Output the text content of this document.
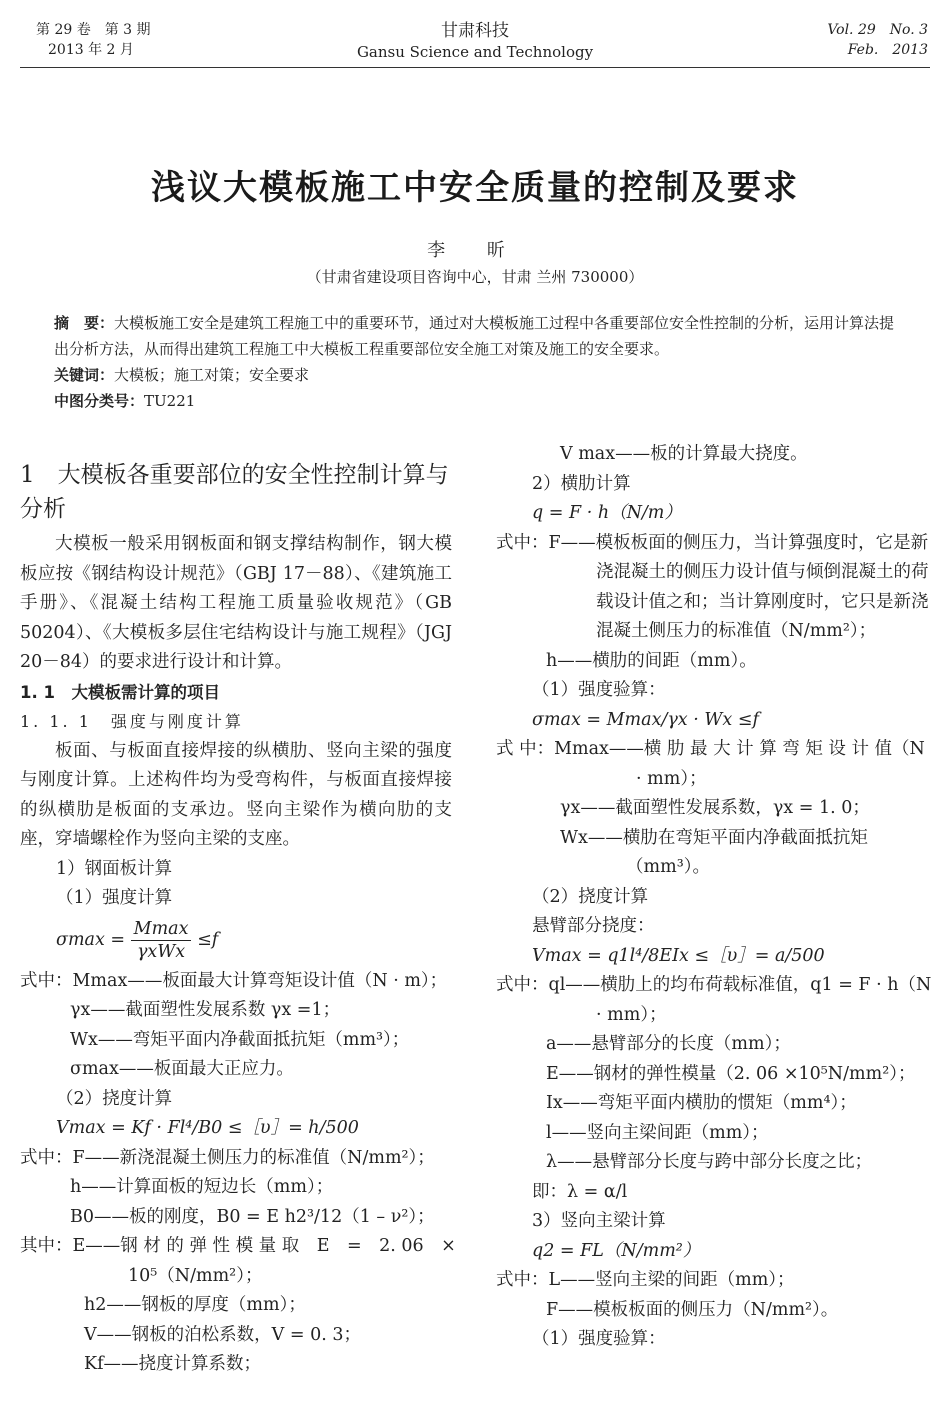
第 29 卷　第 3 期
2013 年 2 月
甘肃科技
Gansu Science and Technology
Vol. 29　No. 3
Feb.　2013
浅议大模板施工中安全质量的控制及要求
李 昕
（甘肃省建设项目咨询中心，甘肃 兰州 730000）
摘　要：大模板施工安全是建筑工程施工中的重要环节，通过对大模板施工过程中各重要部位安全性控制的分析，运用计算法提出分析方法，从而得出建筑工程施工中大模板工程重要部位安全施工对策及施工的安全要求。
关键词：大模板；施工对策；安全要求
中图分类号：TU221
1　大模板各重要部位的安全性控制计算与分析
大模板一般采用钢板面和钢支撑结构制作，钢大模板应按《钢结构设计规范》（GBJ 17－88）、《建筑施工手册》、《混凝土结构工程施工质量验收规范》（GB 50204）、《大模板多层住宅结构设计与施工规程》（JGJ 20－84）的要求进行设计和计算。
1. 1　大模板需计算的项目
1. 1. 1　强度与刚度计算
板面、与板面直接焊接的纵横肋、竖向主梁的强度与刚度计算。上述构件均为受弯构件，与板面直接焊接的纵横肋是板面的支承边。竖向主梁作为横向肋的支座，穿墙螺栓作为竖向主梁的支座。
1）钢面板计算
（1）强度计算
$\sigma\max = \frac{Mmax}{\text{γxWx}} \le f$
式中：Mmax——板面最大计算弯矩设计值（N · m）；
γx——截面塑性发展系数 γx =1；
Wx——弯矩平面内净截面抵抗矩（mm³）；
σmax——板面最大正应力。
（2）挠度计算
Vmax = Kf · Fl⁴/B0 ≤［υ］= h/500
式中：F——新浇混凝土侧压力的标准值（N/mm²）；
h——计算面板的短边长（mm）；
B0——板的刚度，B0 = E h2³/12（1 – ν²）；
其中：E——钢 材 的 弹 性 模 量 取　E　=　2. 06　×
10⁵（N/mm²）；
h2——钢板的厚度（mm）；
V——钢板的泊松系数，V = 0. 3；
Kf——挠度计算系数；
V max——板的计算最大挠度。
2）横肋计算
q = F · h（N/m）
式中：F——模板板面的侧压力，当计算强度时，它是新浇混凝土的侧压力设计值与倾倒混凝土的荷载设计值之和；当计算刚度时，它只是新浇混凝土侧压力的标准值（N/mm²）；
h——横肋的间距（mm）。
（1）强度验算：
σmax = Mmax/γx · Wx ≤f
式 中：Mmax——横 肋 最 大 计 算 弯 矩 设 计 值（N · mm）；
γx——截面塑性发展系数，γx = 1. 0；
Wx——横肋在弯矩平面内净截面抵抗矩（mm³）。
（2）挠度计算
悬臂部分挠度：
Vmax = q1l⁴/8EIx ≤［υ］= a/500
式中：ql——横肋上的均布荷载标准值，q1 = F · h（N · mm）；
a——悬臂部分的长度（mm）；
E——钢材的弹性模量（2. 06 ×10⁵N/mm²）；
Ix——弯矩平面内横肋的惯矩（mm⁴）；
l——竖向主梁间距（mm）；
λ——悬臂部分长度与跨中部分长度之比；
即：λ = α/l
3）竖向主梁计算
q2 = FL（N/mm²）
式中：L——竖向主梁的间距（mm）；
F——模板板面的侧压力（N/mm²）。
（1）强度验算：
